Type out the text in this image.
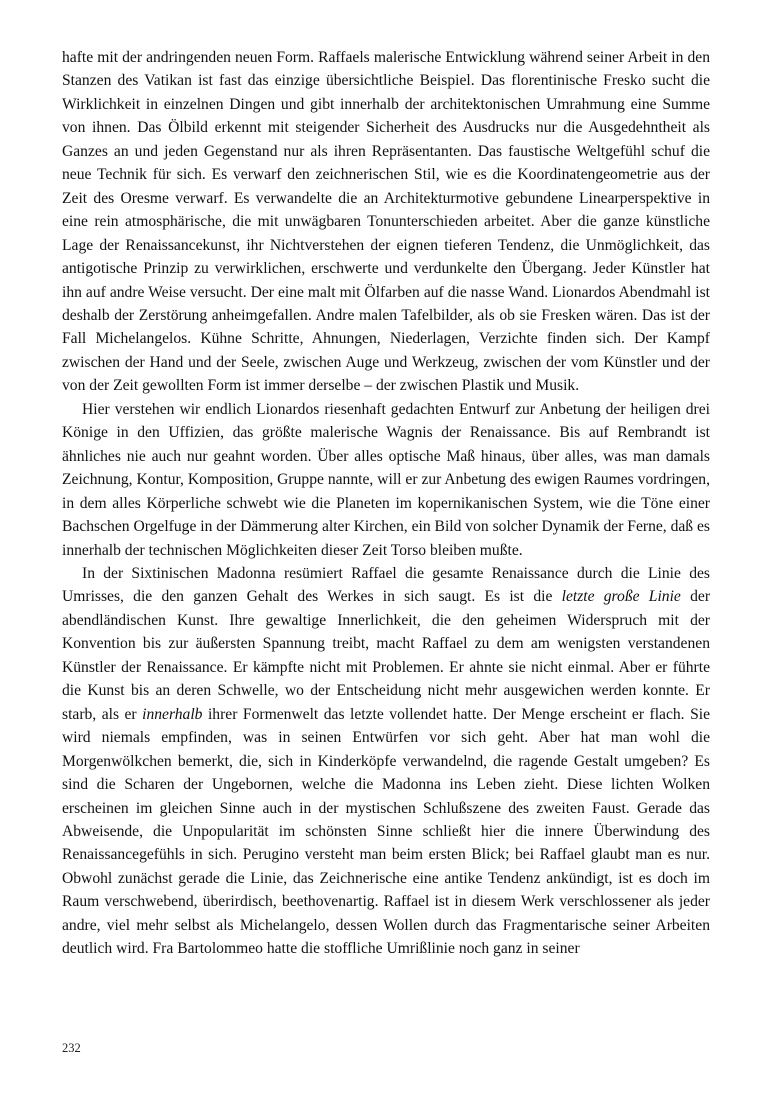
hafte mit der andringenden neuen Form. Raffaels malerische Entwicklung während seiner Arbeit in den Stanzen des Vatikan ist fast das einzige übersichtliche Beispiel. Das florentinische Fresko sucht die Wirklichkeit in einzelnen Dingen und gibt innerhalb der architektonischen Umrahmung eine Summe von ihnen. Das Ölbild erkennt mit steigender Sicherheit des Ausdrucks nur die Ausgedehntheit als Ganzes an und jeden Gegenstand nur als ihren Repräsentanten. Das faustische Weltgefühl schuf die neue Technik für sich. Es verwarf den zeichnerischen Stil, wie es die Koordinatengeometrie aus der Zeit des Oresme verwarf. Es verwandelte die an Architekturmotive gebundene Linearperspektive in eine rein atmosphärische, die mit unwägbaren Tonunterschieden arbeitet. Aber die ganze künstliche Lage der Renaissancekunst, ihr Nichtverstehen der eignen tieferen Tendenz, die Unmöglichkeit, das antigotische Prinzip zu verwirklichen, erschwerte und verdunkelte den Übergang. Jeder Künstler hat ihn auf andre Weise versucht. Der eine malt mit Ölfarben auf die nasse Wand. Lionardos Abendmahl ist deshalb der Zerstörung anheimgefallen. Andre malen Tafelbilder, als ob sie Fresken wären. Das ist der Fall Michelangelos. Kühne Schritte, Ahnungen, Niederlagen, Verzichte finden sich. Der Kampf zwischen der Hand und der Seele, zwischen Auge und Werkzeug, zwischen der vom Künstler und der von der Zeit gewollten Form ist immer derselbe – der zwischen Plastik und Musik.

Hier verstehen wir endlich Lionardos riesenhaft gedachten Entwurf zur Anbetung der heiligen drei Könige in den Uffizien, das größte malerische Wagnis der Renaissance. Bis auf Rembrandt ist ähnliches nie auch nur geahnt worden. Über alles optische Maß hinaus, über alles, was man damals Zeichnung, Kontur, Komposition, Gruppe nannte, will er zur Anbetung des ewigen Raumes vordringen, in dem alles Körperliche schwebt wie die Planeten im kopernikanischen System, wie die Töne einer Bachschen Orgelfuge in der Dämmerung alter Kirchen, ein Bild von solcher Dynamik der Ferne, daß es innerhalb der technischen Möglichkeiten dieser Zeit Torso bleiben mußte.

In der Sixtinischen Madonna resümiert Raffael die gesamte Renaissance durch die Linie des Umrisses, die den ganzen Gehalt des Werkes in sich saugt. Es ist die letzte große Linie der abendländischen Kunst. Ihre gewaltige Innerlichkeit, die den geheimen Widerspruch mit der Konvention bis zur äußersten Spannung treibt, macht Raffael zu dem am wenigsten verstandenen Künstler der Renaissance. Er kämpfte nicht mit Problemen. Er ahnte sie nicht einmal. Aber er führte die Kunst bis an deren Schwelle, wo der Entscheidung nicht mehr ausgewichen werden konnte. Er starb, als er innerhalb ihrer Formenwelt das letzte vollendet hatte. Der Menge erscheint er flach. Sie wird niemals empfinden, was in seinen Entwürfen vor sich geht. Aber hat man wohl die Morgenwölkchen bemerkt, die, sich in Kinderköpfe verwandelnd, die ragende Gestalt umgeben? Es sind die Scharen der Ungebornen, welche die Madonna ins Leben zieht. Diese lichten Wolken erscheinen im gleichen Sinne auch in der mystischen Schlußszene des zweiten Faust. Gerade das Abweisende, die Unpopularität im schönsten Sinne schließt hier die innere Überwindung des Renaissancegefühls in sich. Perugino versteht man beim ersten Blick; bei Raffael glaubt man es nur. Obwohl zunächst gerade die Linie, das Zeichnerische eine antike Tendenz ankündigt, ist es doch im Raum verschwebend, überirdisch, beethovenartig. Raffael ist in diesem Werk verschlossener als jeder andre, viel mehr selbst als Michelangelo, dessen Wollen durch das Fragmentarische seiner Arbeiten deutlich wird. Fra Bartolommeo hatte die stoffliche Umrißlinie noch ganz in seiner

232
